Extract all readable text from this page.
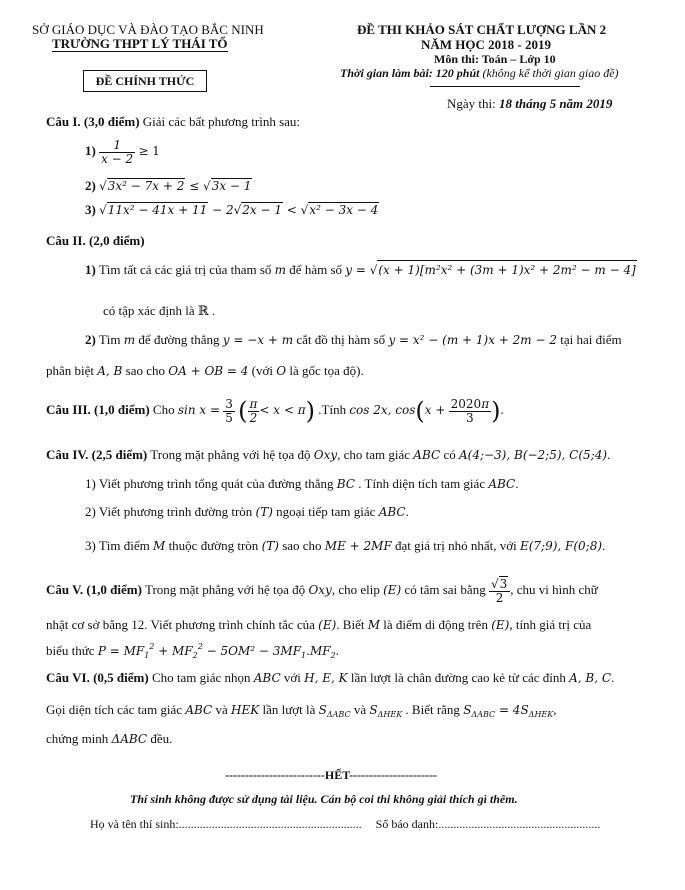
SỞ GIÁO DỤC VÀ ĐÀO TẠO BẮC NINH
TRƯỜNG THPT LÝ THÁI TỔ
ĐỀ CHÍNH THỨC
ĐỀ THI KHẢO SÁT CHẤT LƯỢNG LẦN 2
NĂM HỌC 2018 - 2019
Môn thi: Toán – Lớp 10
Thời gian làm bài: 120 phút (không kể thời gian giao đề)
Ngày thi: 18 tháng 5 năm 2019
Câu I. (3,0 điểm) Giải các bất phương trình sau:
$1) \frac{1}{x - 2} \ge 1$
2) √3x² − 7x + 2 ≤ √3x − 1
3) √11x² − 41x + 11 − 2√2x − 1 < √x² − 3x − 4
Câu II. (2,0 điểm)
1) Tìm tất cả các giá trị của tham số m để hàm số y = √(x + 1)[m²x² + (3m + 1)x² + 2m² − m − 4]
có tập xác định là ℝ .
2) Tìm m để đường thẳng y = −x + m cắt đồ thị hàm số y = x² − (m + 1)x + 2m − 2 tại hai điểm
phân biệt A, B sao cho OA + OB = 4 (với O là gốc tọa độ).
Câu III. (1,0 điểm) Cho $\sin x = \frac{3}{5}$ ( $\frac{\pi}{2} < x < \pi$) .Tính cos 2x, $\cos(x + \frac{2020\pi}{3}$ ).
Câu IV. (2,5 điểm) Trong mặt phẳng với hệ tọa độ Oxy, cho tam giác ABC có A(4;−3), B(−2;5), C(5;4).
1) Viết phương trình tổng quát của đường thẳng BC . Tính diện tích tam giác ABC.
2) Viết phương trình đường tròn (T) ngoại tiếp tam giác ABC.
3) Tìm điểm M thuộc đường tròn (T) sao cho ME + 2MF đạt giá trị nhỏ nhất, với E(7;9), F(0;8).
Câu V. (1,0 điểm) Trong mặt phẳng với hệ tọa độ Oxy, cho elip (E) có tâm sai bằng $\frac{√3}{2}$ , chu vi hình chữ
nhật cơ sở bằng 12. Viết phương trình chính tắc của (E). Biết M là điểm di động trên (E), tính giá trị của
biểu thức $P = MF_1^2 + MF_2^2 - 5OM^2 - 3MF_1.MF_2$.
Câu VI. (0,5 điểm) Cho tam giác nhọn ABC với H, E, K lần lượt là chân đường cao kẻ từ các đỉnh A, B, C.
Gọi diện tích các tam giác ABC và HEK lần lượt là $S_{\Delta ABC}$ và $S_{\Delta HEK}$ . Biết rằng $S_{\Delta ABC} = 4S_{\Delta HEK}$,
chứng minh ΔABC đều.
-------------------------HẾT----------------------
Thí sinh không được sử dụng tài liệu. Cán bộ coi thi không giải thích gì thêm.
Họ và tên thí sinh:............................................................. Số báo danh:......................................................
